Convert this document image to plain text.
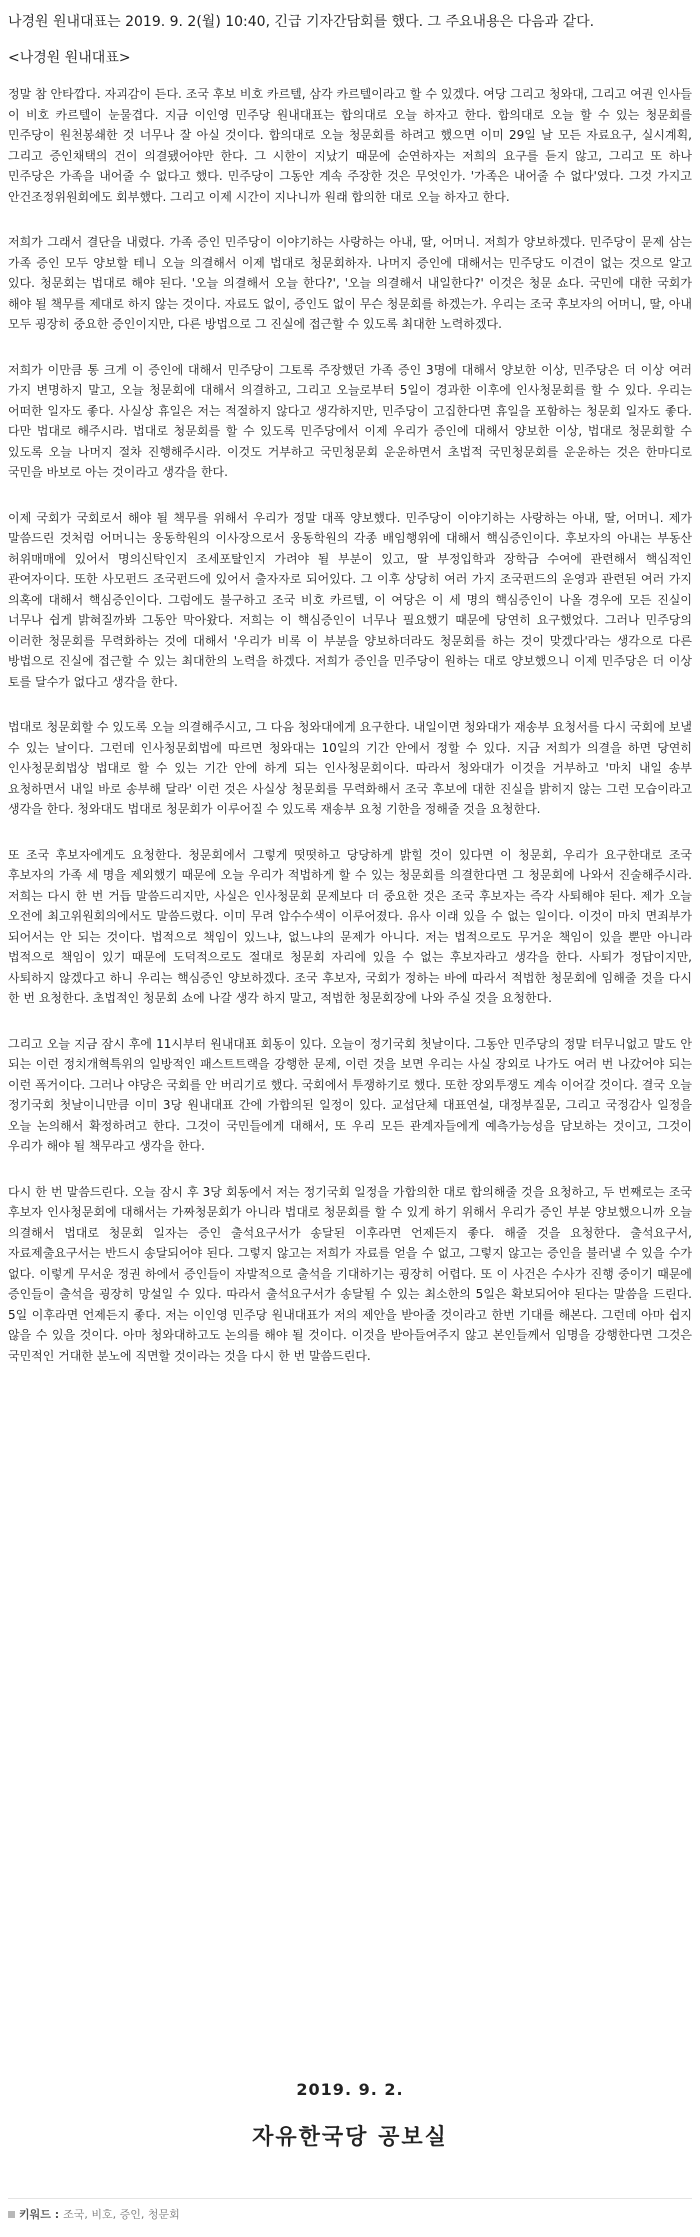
나경원 원내대표는 2019. 9. 2(월) 10:40, 긴급 기자간담회를 했다. 그 주요내용은 다음과 같다.

<나경원 원내대표>

정말 참 안타깝다. 자괴감이 든다. 조국 후보 비호 카르텔, 삼각 카르텔이라고 할 수 있겠다. 여당 그리고 청와대, 그리고 여권 인사들 이 비호 카르텔이 눈물겹다. 지금 이인영 민주당 원내대표는 합의대로 오늘 하자고 한다. 합의대로 오늘 할 수 있는 청문회를 민주당이 원천봉쇄한 것 너무나 잘 아실 것이다. 합의대로 오늘 청문회를 하려고 했으면 이미 29일 날 모든 자료요구, 실시계획, 그리고 증인채택의 건이 의결됐어야만 한다. 그 시한이 지났기 때문에 순연하자는 저희의 요구를 듣지 않고, 그리고 또 하나 민주당은 가족을 내어줄 수 없다고 했다. 민주당이 그동안 계속 주장한 것은 무엇인가. '가족은 내어줄 수 없다'였다. 그것 가지고 안건조정위원회에도 회부했다. 그리고 이제 시간이 지나니까 원래 합의한 대로 오늘 하자고 한다.

저희가 그래서 결단을 내렸다. 가족 증인 민주당이 이야기하는 사랑하는 아내, 딸, 어머니. 저희가 양보하겠다. 민주당이 문제 삼는 가족 증인 모두 양보할 테니 오늘 의결해서 이제 법대로 청문회하자. 나머지 증인에 대해서는 민주당도 이견이 없는 것으로 알고 있다. 청문회는 법대로 해야 된다. '오늘 의결해서 오늘 한다?', '오늘 의결해서 내일한다?' 이것은 청문 쇼다. 국민에 대한 국회가 해야 될 책무를 제대로 하지 않는 것이다. 자료도 없이, 증인도 없이 무슨 청문회를 하겠는가. 우리는 조국 후보자의 어머니, 딸, 아내 모두 굉장히 중요한 증인이지만, 다른 방법으로 그 진실에 접근할 수 있도록 최대한 노력하겠다.

저희가 이만큼 통 크게 이 증인에 대해서 민주당이 그토록 주장했던 가족 증인 3명에 대해서 양보한 이상, 민주당은 더 이상 여러 가지 변명하지 말고, 오늘 청문회에 대해서 의결하고, 그리고 오늘로부터 5일이 경과한 이후에 인사청문회를 할 수 있다. 우리는 어떠한 일자도 좋다. 사실상 휴일은 저는 적절하지 않다고 생각하지만, 민주당이 고집한다면 휴일을 포함하는 청문회 일자도 좋다. 다만 법대로 해주시라. 법대로 청문회를 할 수 있도록 민주당에서 이제 우리가 증인에 대해서 양보한 이상, 법대로 청문회할 수 있도록 오늘 나머지 절차 진행해주시라. 이것도 거부하고 국민청문회 운운하면서 초법적 국민청문회를 운운하는 것은 한마디로 국민을 바보로 아는 것이라고 생각을 한다.

이제 국회가 국회로서 해야 될 책무를 위해서 우리가 정말 대폭 양보했다. 민주당이 이야기하는 사랑하는 아내, 딸, 어머니. 제가 말씀드린 것처럼 어머니는 웅동학원의 이사장으로서 웅동학원의 각종 배임행위에 대해서 핵심증인이다. 후보자의 아내는 부동산 허위매매에 있어서 명의신탁인지 조세포탈인지 가려야 될 부분이 있고, 딸 부정입학과 장학금 수여에 관련해서 핵심적인 관여자이다. 또한 사모펀드 조국펀드에 있어서 출자자로 되어있다. 그 이후 상당히 여러 가지 조국펀드의 운영과 관련된 여러 가지 의혹에 대해서 핵심증인이다. 그럼에도 불구하고 조국 비호 카르텔, 이 여당은 이 세 명의 핵심증인이 나올 경우에 모든 진실이 너무나 쉽게 밝혀질까봐 그동안 막아왔다. 저희는 이 핵심증인이 너무나 필요했기 때문에 당연히 요구했었다. 그러나 민주당의 이러한 청문회를 무력화하는 것에 대해서 '우리가 비록 이 부분을 양보하더라도 청문회를 하는 것이 맞겠다'라는 생각으로 다른 방법으로 진실에 접근할 수 있는 최대한의 노력을 하겠다. 저희가 증인을 민주당이 원하는 대로 양보했으니 이제 민주당은 더 이상 토를 달수가 없다고 생각을 한다.

법대로 청문회할 수 있도록 오늘 의결해주시고, 그 다음 청와대에게 요구한다. 내일이면 청와대가 재송부 요청서를 다시 국회에 보낼 수 있는 날이다. 그런데 인사청문회법에 따르면 청와대는 10일의 기간 안에서 정할 수 있다. 지금 저희가 의결을 하면 당연히 인사청문회법상 법대로 할 수 있는 기간 안에 하게 되는 인사청문회이다. 따라서 청와대가 이것을 거부하고 '마치 내일 송부 요청하면서 내일 바로 송부해 달라' 이런 것은 사실상 청문회를 무력화해서 조국 후보에 대한 진실을 밝히지 않는 그런 모습이라고 생각을 한다. 청와대도 법대로 청문회가 이루어질 수 있도록 재송부 요청 기한을 정해줄 것을 요청한다.

또 조국 후보자에게도 요청한다. 청문회에서 그렇게 떳떳하고 당당하게 밝힐 것이 있다면 이 청문회, 우리가 요구한대로 조국 후보자의 가족 세 명을 제외했기 때문에 오늘 우리가 적법하게 할 수 있는 청문회를 의결한다면 그 청문회에 나와서 진술해주시라. 저희는 다시 한 번 거듭 말씀드리지만, 사실은 인사청문회 문제보다 더 중요한 것은 조국 후보자는 즉각 사퇴해야 된다. 제가 오늘 오전에 최고위원회의에서도 말씀드렸다. 이미 무려 압수수색이 이루어졌다. 유사 이래 있을 수 없는 일이다. 이것이 마치 면죄부가 되어서는 안 되는 것이다. 법적으로 책임이 있느냐, 없느냐의 문제가 아니다. 저는 법적으로도 무거운 책임이 있을 뿐만 아니라 법적으로 책임이 있기 때문에 도덕적으로도 절대로 청문회 자리에 있을 수 없는 후보자라고 생각을 한다. 사퇴가 정답이지만, 사퇴하지 않겠다고 하니 우리는 핵심증인 양보하겠다. 조국 후보자, 국회가 정하는 바에 따라서 적법한 청문회에 임해줄 것을 다시 한 번 요청한다. 초법적인 청문회 쇼에 나갈 생각 하지 말고, 적법한 청문회장에 나와 주실 것을 요청한다.

그리고 오늘 지금 잠시 후에 11시부터 원내대표 회동이 있다. 오늘이 정기국회 첫날이다. 그동안 민주당의 정말 터무니없고 말도 안 되는 이런 정치개혁특위의 일방적인 패스트트랙을 강행한 문제, 이런 것을 보면 우리는 사실 장외로 나가도 여러 번 나갔어야 되는 이런 폭거이다. 그러나 야당은 국회를 안 버리기로 했다. 국회에서 투쟁하기로 했다. 또한 장외투쟁도 계속 이어갈 것이다. 결국 오늘 정기국회 첫날이니만큼 이미 3당 원내대표 간에 가합의된 일정이 있다. 교섭단체 대표연설, 대정부질문, 그리고 국정감사 일정을 오늘 논의해서 확정하려고 한다. 그것이 국민들에게 대해서, 또 우리 모든 관계자들에게 예측가능성을 담보하는 것이고, 그것이 우리가 해야 될 책무라고 생각을 한다.

다시 한 번 말씀드린다. 오늘 잠시 후 3당 회동에서 저는 정기국회 일정을 가합의한 대로 합의해줄 것을 요청하고, 두 번째로는 조국 후보자 인사청문회에 대해서는 가짜청문회가 아니라 법대로 청문회를 할 수 있게 하기 위해서 우리가 증인 부분 양보했으니까 오늘 의결해서 법대로 청문회 일자는 증인 출석요구서가 송달된 이후라면 언제든지 좋다. 해줄 것을 요청한다. 출석요구서, 자료제출요구서는 반드시 송달되어야 된다. 그렇지 않고는 저희가 자료를 얻을 수 없고, 그렇지 않고는 증인을 불러낼 수 있을 수가 없다. 이렇게 무서운 정권 하에서 증인들이 자발적으로 출석을 기대하기는 굉장히 어렵다. 또 이 사건은 수사가 진행 중이기 때문에 증인들이 출석을 굉장히 망설일 수 있다. 따라서 출석요구서가 송달될 수 있는 최소한의 5일은 확보되어야 된다는 말씀을 드린다. 5일 이후라면 언제든지 좋다. 저는 이인영 민주당 원내대표가 저의 제안을 받아줄 것이라고 한번 기대를 해본다. 그런데 아마 쉽지 않을 수 있을 것이다. 아마 청와대하고도 논의를 해야 될 것이다. 이것을 받아들여주지 않고 본인들께서 임명을 강행한다면 그것은 국민적인 거대한 분노에 직면할 것이라는 것을 다시 한 번 말씀드린다.

2019. 9. 2.
자유한국당 공보실
키워드 : 조국, 비호, 증인, 청문회
